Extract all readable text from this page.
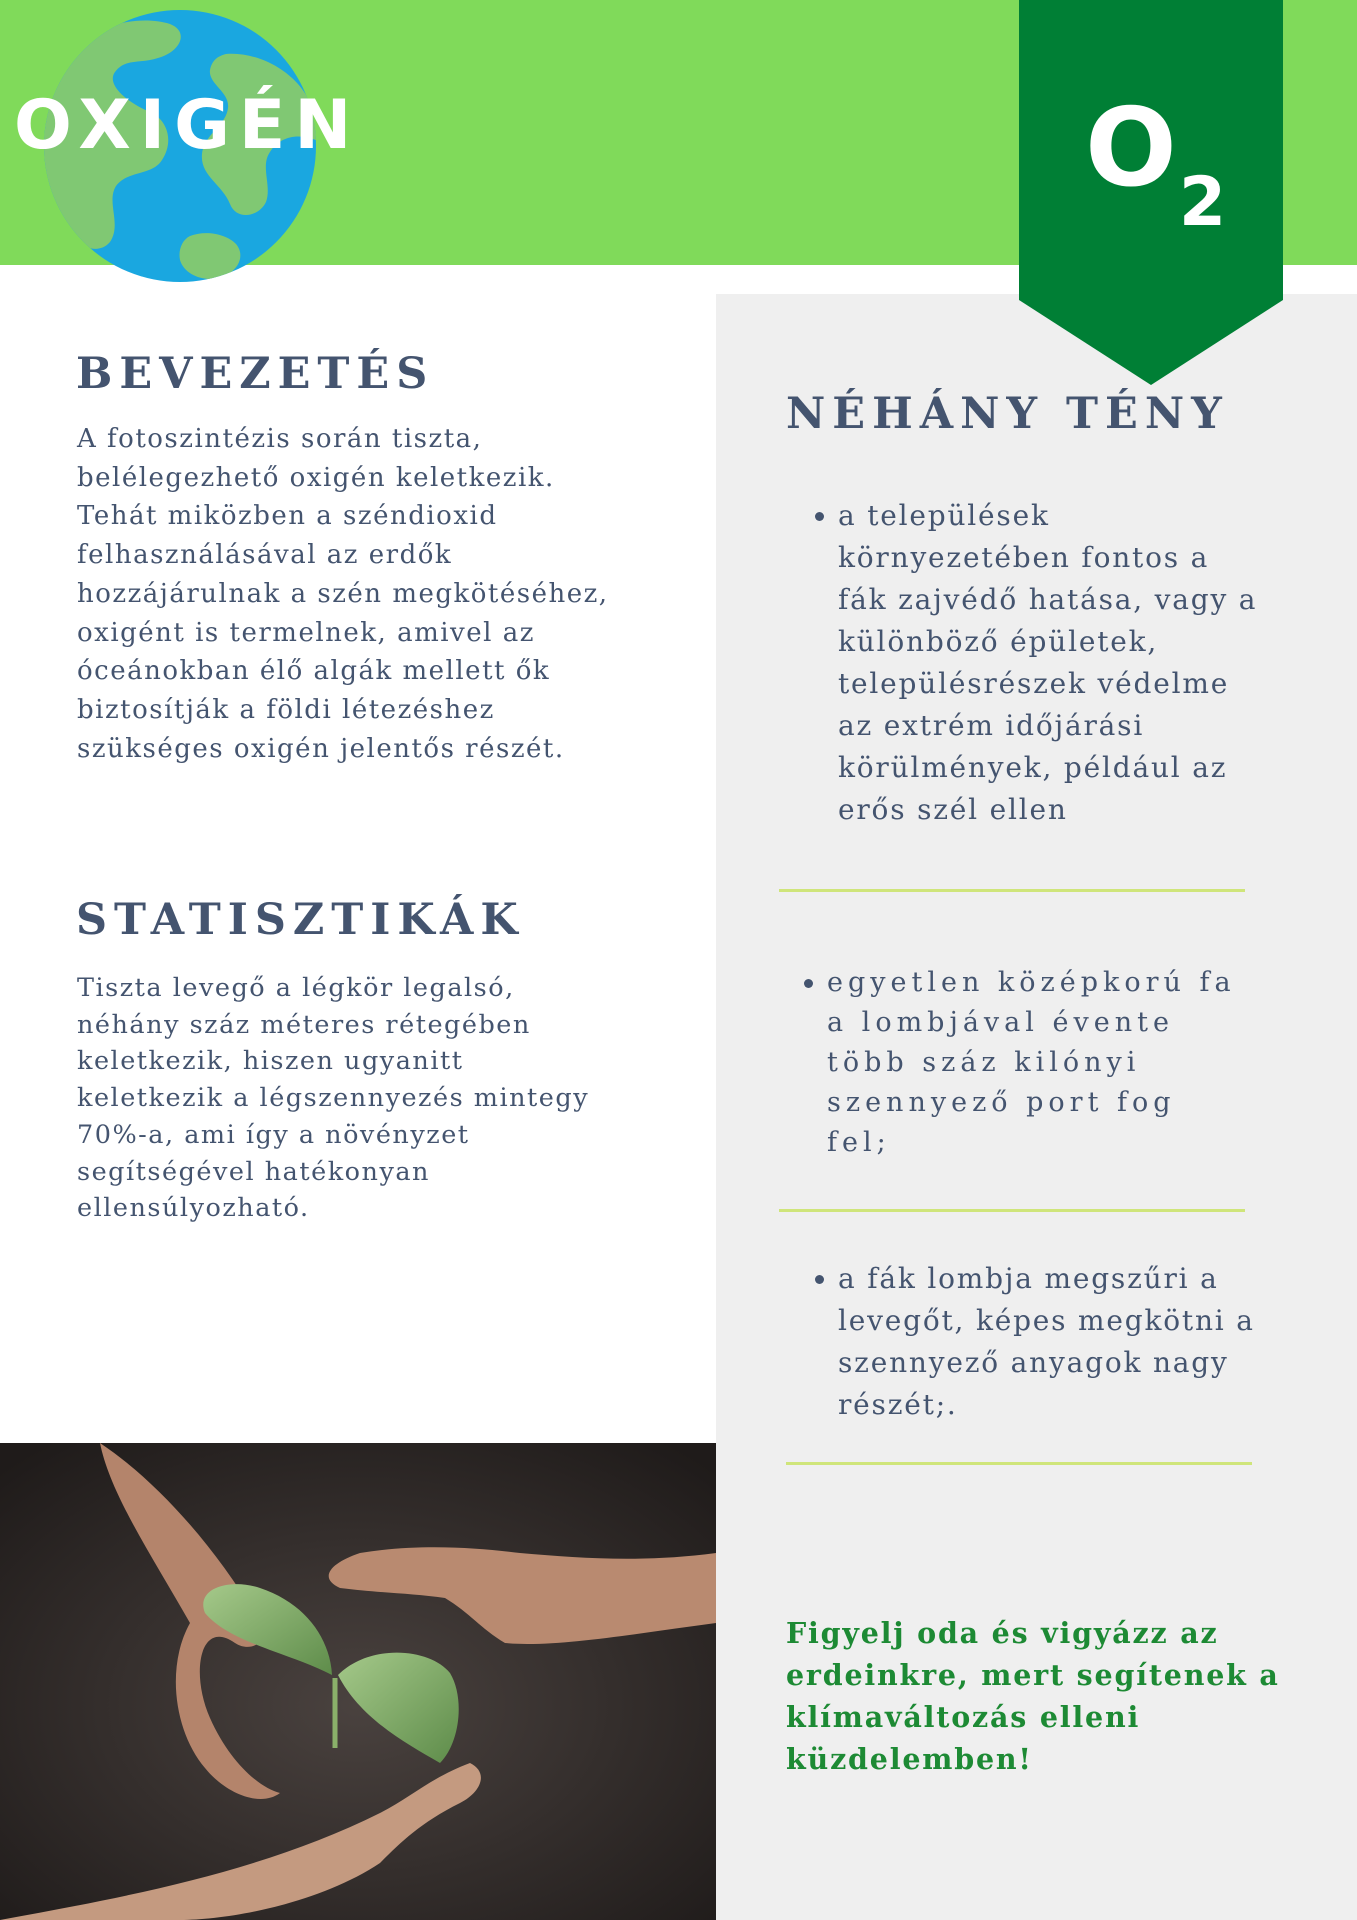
OXIGÉN	O2
BEVEZETÉS

A fotoszintézis során tiszta, belélegezhető oxigén keletkezik. Tehát miközben a széndioxid felhasználásával az erdők hozzájárulnak a szén megkötéséhez, oxigént is termelnek, amivel az óceánokban élő algák mellett ők biztosítják a földi létezéshez szükséges oxigén jelentős részét.

STATISZTIKÁK

Tiszta levegő a légkör legalsó, néhány száz méteres rétegében keletkezik, hiszen ugyanitt keletkezik a légszennyezés mintegy 70%-a, ami így a növényzet segítségével hatékonyan ellensúlyozható.

NÉHÁNY TÉNY
a települések környezetében fontos a fák zajvédő hatása, vagy a különböző épületek, településrészek védelme az extrém időjárási körülmények, például az erős szél ellen
egyetlen középkorú fa a lombjával évente több száz kilónyi szennyező port fog fel;
a fák lombja megszűri a levegőt, képes megkötni a szennyező anyagok nagy részét;.

Figyelj oda és vigyázz az erdeinkre, mert segítenek a klímaváltozás elleni küzdelemben!
